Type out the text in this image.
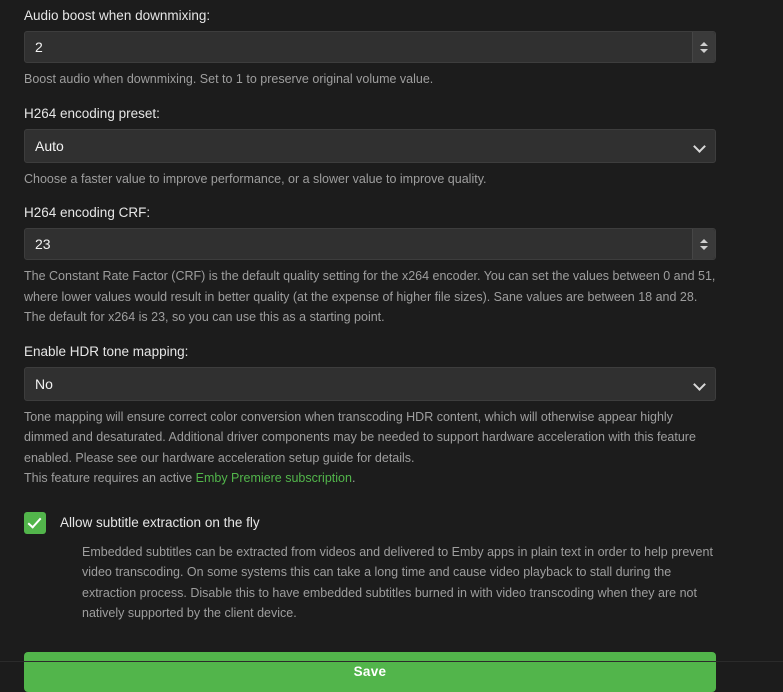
Audio boost when downmixing:
2
Boost audio when downmixing. Set to 1 to preserve original volume value.
H264 encoding preset:
Auto
Choose a faster value to improve performance, or a slower value to improve quality.
H264 encoding CRF:
23
The Constant Rate Factor (CRF) is the default quality setting for the x264 encoder. You can set the values between 0 and 51, where lower values would result in better quality (at the expense of higher file sizes). Sane values are between 18 and 28. The default for x264 is 23, so you can use this as a starting point.
Enable HDR tone mapping:
No
Tone mapping will ensure correct color conversion when transcoding HDR content, which will otherwise appear highly dimmed and desaturated. Additional driver components may be needed to support hardware acceleration with this feature enabled. Please see our hardware acceleration setup guide for details.
This feature requires an active Emby Premiere subscription.
Allow subtitle extraction on the fly
Embedded subtitles can be extracted from videos and delivered to Emby apps in plain text in order to help prevent video transcoding. On some systems this can take a long time and cause video playback to stall during the extraction process. Disable this to have embedded subtitles burned in with video transcoding when they are not natively supported by the client device.
Save
